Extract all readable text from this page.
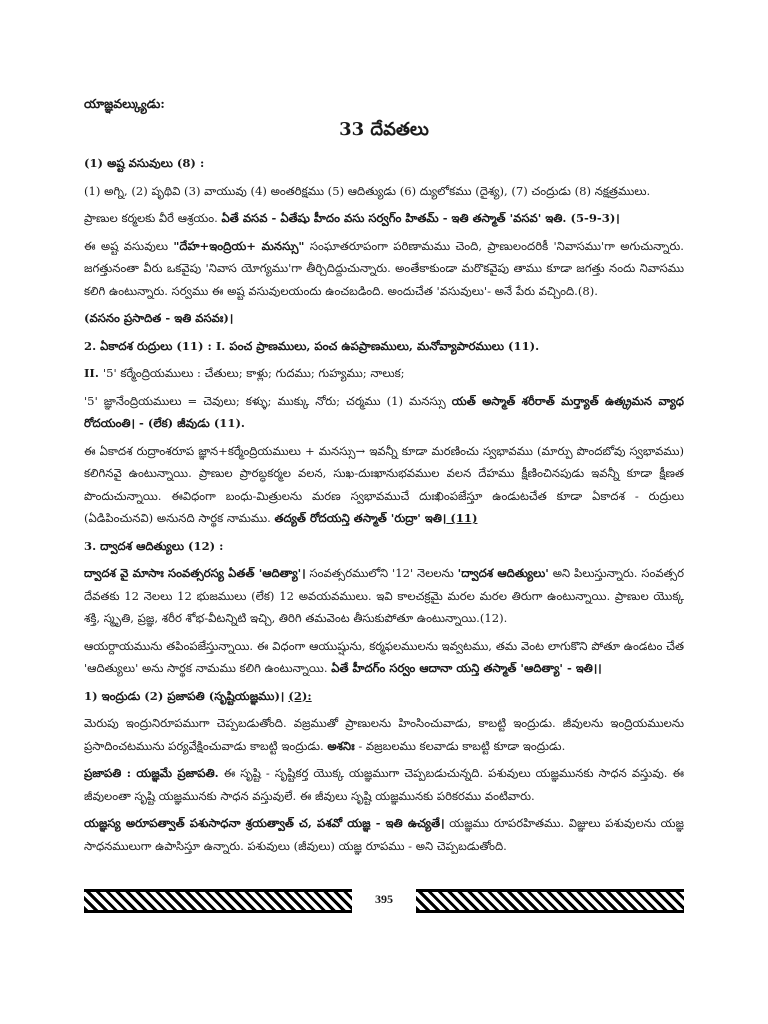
యాజ్ఞవల్క్యుడు:
33 దేవతలు

(1) అష్ట వసువులు (8) :

(1) అగ్ని, (2) పృథివి (3) వాయువు (4) అంతరిక్షము (5) ఆదిత్యుడు (6) ద్యులోకము (దైశ్య), (7) చంద్రుడు (8) నక్షత్రములు.

ప్రాణుల కర్మలకు వీరే ఆశ్రయం. ఏతే వసవ - ఏతేషు హీదం వసు సర్వగ్ం హితమ్ - ఇతి తస్మాత్ 'వసవ' ఇతి. (5-9-3)।

ఈ అష్ట వసువులు "దేహ+ఇంద్రియ+ మనస్సు" సంఘాతరూపంగా పరిణామము చెంది, ప్రాణులందరికీ 'నివాసము'గా అగుచున్నారు. జగత్తునంతా వీరు ఒకవైపు 'నివాస యోగ్యము'గా తీర్చిదిద్దుచున్నారు. అంతేకాకుండా మరొకవైపు తాము కూడా జగత్తు నందు నివాసము కలిగి ఉంటున్నారు. సర్వము ఈ అష్ట వసువులయందు ఉంచబడింది. అందుచేత 'వసువులు'- అనే పేరు వచ్చింది.(8).

(వసనం ప్రసాదిత - ఇతి వసవః)।

2. ఏకాదశ రుద్రులు (11) : I. పంచ ప్రాణములు, పంచ ఉపప్రాణములు, మనోవ్యాపారములు (11).

II. '5' కర్మేంద్రియములు : చేతులు; కాళ్లు; గుదము; గుహ్యము; నాలుక;

'5' జ్ఞానేంద్రియములు = చెవులు; కళ్ళు; ముక్కు నోరు; చర్మము (1) మనస్సు యత్ అస్మాత్ శరీరాత్ మర్త్యాత్ ఉత్క్రమన వ్యాధ రోదయంతి। - (లేక) జీవుడు (11).

ఈ ఏకాదశ రుద్రాంశరూప జ్ఞాన+కర్మేంద్రియములు + మనస్సు→ ఇవన్నీ కూడా మరణించు స్వభావము (మార్పు పొందబోవు స్వభావము) కలిగినవై ఉంటున్నాయి. ప్రాణుల ప్రారబ్ధకర్మల వలన, సుఖ-దుఃఖానుభవముల వలన దేహము క్షీణించినపుడు ఇవన్నీ కూడా క్షీణత పొందుచున్నాయి. ఈవిధంగా బంధు-మిత్రులను మరణ స్వభావముచే దుఃఖింపజేస్తూ ఉండుటచేత కూడా ఏకాదశ - రుద్రులు (ఏడిపించునవి) అనునది సార్థక నామము. తద్యత్ రోదయన్తి తస్మాత్ 'రుద్రా' ఇతి। (11)

3. ద్వాదశ ఆదిత్యులు (12) :

ద్వాదశ వై మాసాః సంవత్సరస్య ఏతత్ 'ఆదిత్యా'। సంవత్సరములోని '12' నెలలను 'ద్వాదశ ఆదిత్యులు' అని పిలుస్తున్నారు. సంవత్సర దేవతకు 12 నెలలు 12 భుజములు (లేక) 12 అవయవములు. ఇవి కాలచక్రమై మరల మరల తిరుగా ఉంటున్నాయి. ప్రాణుల యొక్క శక్తి, స్మృతి, ప్రజ్ఞ, శరీర శోభ-వీటన్నిటి ఇచ్చి, తిరిగి తమవెంట తీసుకుపోతూ ఉంటున్నాయి.(12).

ఆయర్దాయమును తపింపజేస్తున్నాయి. ఈ విధంగా ఆయుష్షును, కర్మఫలములను ఇవ్వటము, తమ వెంట లాగుకొని పోతూ ఉండటం చేత 'ఆదిత్యులు' అను సార్థక నామము కలిగి ఉంటున్నాయి. ఏతే హీదగ్ం సర్వం ఆదానా యన్తి తస్మాత్ 'ఆదిత్యా' - ఇతి।।

1) ఇంద్రుడు (2) ప్రజాపతి (సృష్టియజ్ఞము)। (2):

మెరుపు ఇంద్రునిరూపముగా చెప్పబడుతోంది. వజ్రముతో ప్రాణులను హింసించువాడు, కాబట్టి ఇంద్రుడు. జీవులను ఇంద్రియములను ప్రసాదించటమును పర్యవేక్షించువాడు కాబట్టి ఇంద్రుడు. అశనిః - వజ్రబలము కలవాడు కాబట్టి కూడా ఇంద్రుడు.

ప్రజాపతి : యజ్ఞమే ప్రజాపతి. ఈ సృష్టి - సృష్టికర్త యొక్క యజ్ఞముగా చెప్పబడుచున్నది. పశువులు యజ్ఞమునకు సాధన వస్తువు. ఈ జీవులంతా సృష్టి యజ్ఞమునకు సాధన వస్తువులే. ఈ జీవులు సృష్టి యజ్ఞమునకు పరికరము వంటివారు.

యజ్ఞస్య అరూపత్వాత్ పశుసాధనా శ్రయత్వాత్ చ, పశవో యజ్ఞ - ఇతి ఉచ్యతే। యజ్ఞము రూపరహితము. విజ్ఞులు పశువులను యజ్ఞ సాధనములుగా ఉపాసిస్తూ ఉన్నారు. పశువులు (జీవులు) యజ్ఞ రూపము - అని చెప్పబడుతోంది.

395
